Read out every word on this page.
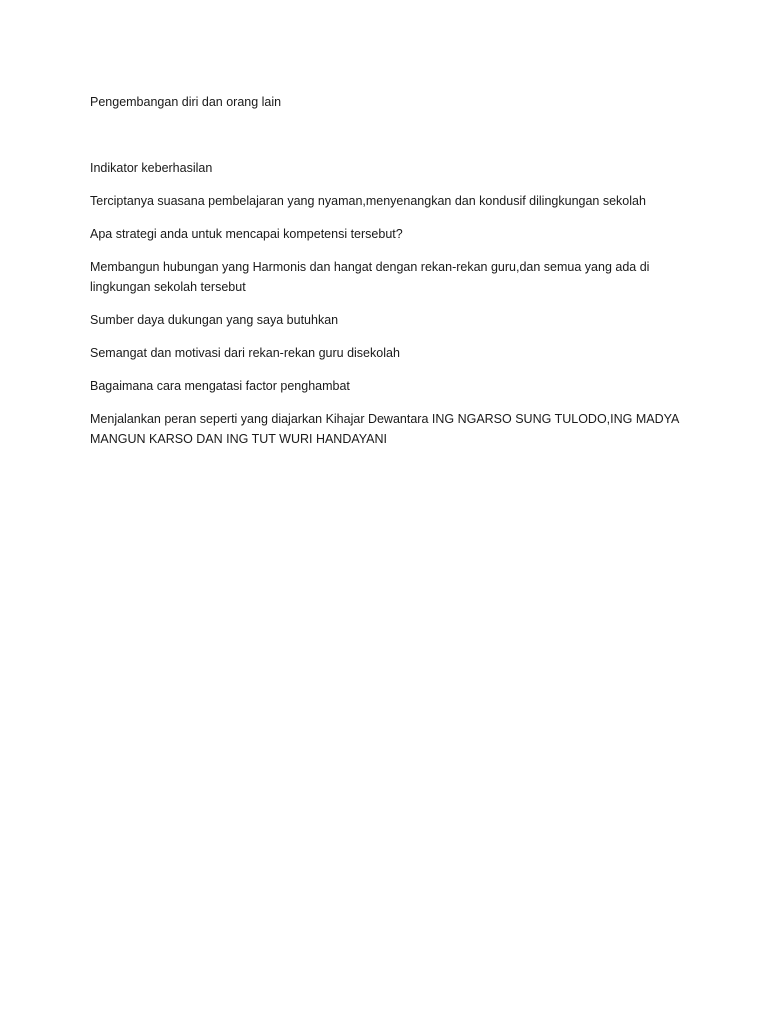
Pengembangan diri dan orang lain

Indikator keberhasilan

Terciptanya suasana pembelajaran yang nyaman,menyenangkan dan kondusif dilingkungan sekolah

Apa strategi anda untuk mencapai kompetensi tersebut?

Membangun hubungan yang Harmonis dan hangat dengan rekan-rekan guru,dan semua yang ada di lingkungan sekolah tersebut

Sumber daya dukungan yang saya butuhkan

Semangat dan motivasi dari rekan-rekan guru disekolah

Bagaimana cara mengatasi factor penghambat

Menjalankan peran seperti yang diajarkan Kihajar Dewantara ING NGARSO SUNG TULODO,ING MADYA MANGUN KARSO DAN ING TUT WURI HANDAYANI
